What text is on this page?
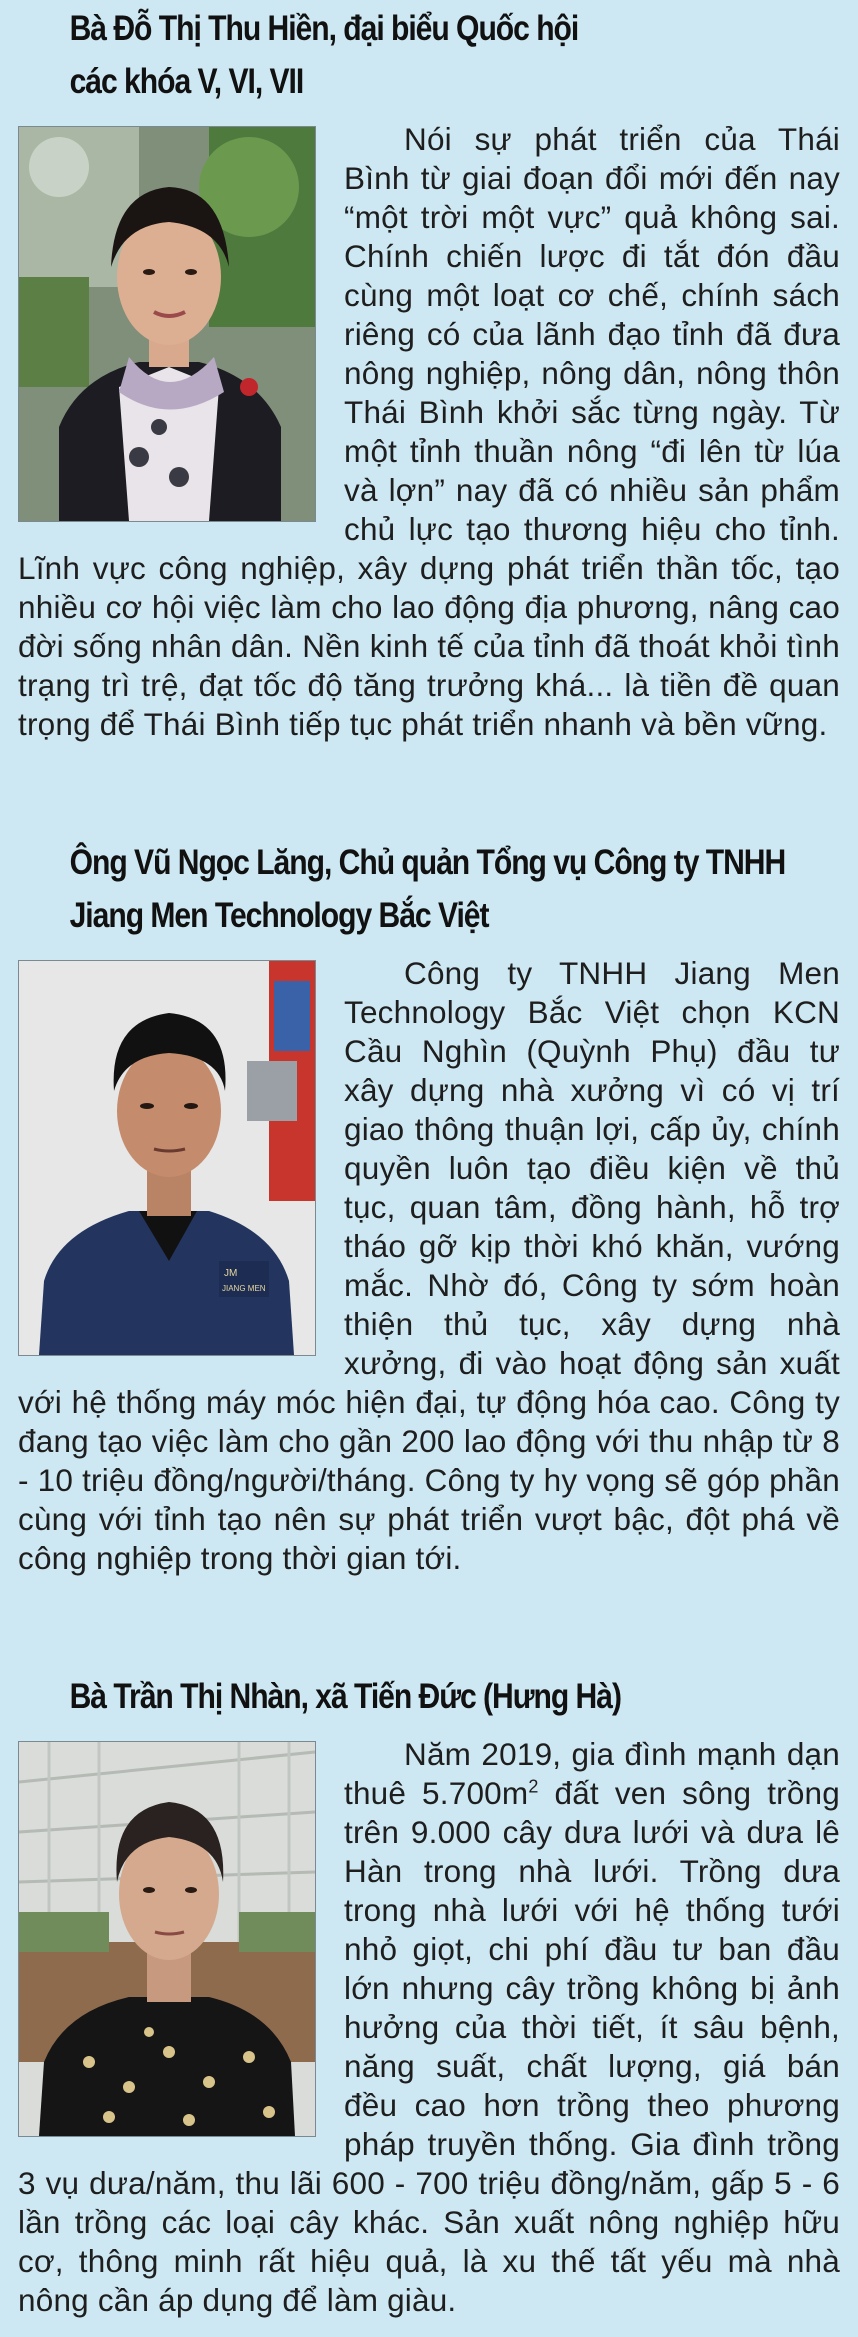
Bà Đỗ Thị Thu Hiền, đại biểu Quốc hội
các khóa V, VI, VII

Nói sự phát triển của Thái Bình từ giai đoạn đổi mới đến nay “một trời một vực” quả không sai. Chính chiến lược đi tắt đón đầu cùng một loạt cơ chế, chính sách riêng có của lãnh đạo tỉnh đã đưa nông nghiệp, nông dân, nông thôn Thái Bình khởi sắc từng ngày. Từ một tỉnh thuần nông “đi lên từ lúa và lợn” nay đã có nhiều sản phẩm chủ lực tạo thương hiệu cho tỉnh. Lĩnh vực công nghiệp, xây dựng phát triển thần tốc, tạo nhiều cơ hội việc làm cho lao động địa phương, nâng cao đời sống nhân dân. Nền kinh tế của tỉnh đã thoát khỏi tình trạng trì trệ, đạt tốc độ tăng trưởng khá... là tiền đề quan trọng để Thái Bình tiếp tục phát triển nhanh và bền vững.

Ông Vũ Ngọc Lăng, Chủ quản Tổng vụ Công ty TNHH
Jiang Men Technology Bắc Việt
JM
JIANG MEN

Công ty TNHH Jiang Men Technology Bắc Việt chọn KCN Cầu Nghìn (Quỳnh Phụ) đầu tư xây dựng nhà xưởng vì có vị trí giao thông thuận lợi, cấp ủy, chính quyền luôn tạo điều kiện về thủ tục, quan tâm, đồng hành, hỗ trợ tháo gỡ kịp thời khó khăn, vướng mắc. Nhờ đó, Công ty sớm hoàn thiện thủ tục, xây dựng nhà xưởng, đi vào hoạt động sản xuất với hệ thống máy móc hiện đại, tự động hóa cao. Công ty đang tạo việc làm cho gần 200 lao động với thu nhập từ 8 - 10 triệu đồng/người/tháng. Công ty hy vọng sẽ góp phần cùng với tỉnh tạo nên sự phát triển vượt bậc, đột phá về công nghiệp trong thời gian tới.

Bà Trần Thị Nhàn, xã Tiến Đức (Hưng Hà)

Năm 2019, gia đình mạnh dạn thuê $5.700m^2$ đất ven sông trồng trên 9.000 cây dưa lưới và dưa lê Hàn trong nhà lưới. Trồng dưa trong nhà lưới với hệ thống tưới nhỏ giọt, chi phí đầu tư ban đầu lớn nhưng cây trồng không bị ảnh hưởng của thời tiết, ít sâu bệnh, năng suất, chất lượng, giá bán đều cao hơn trồng theo phương pháp truyền thống. Gia đình trồng 3 vụ dưa/năm, thu lãi 600 - 700 triệu đồng/năm, gấp 5 - 6 lần trồng các loại cây khác. Sản xuất nông nghiệp hữu cơ, thông minh rất hiệu quả, là xu thế tất yếu mà nhà nông cần áp dụng để làm giàu.
